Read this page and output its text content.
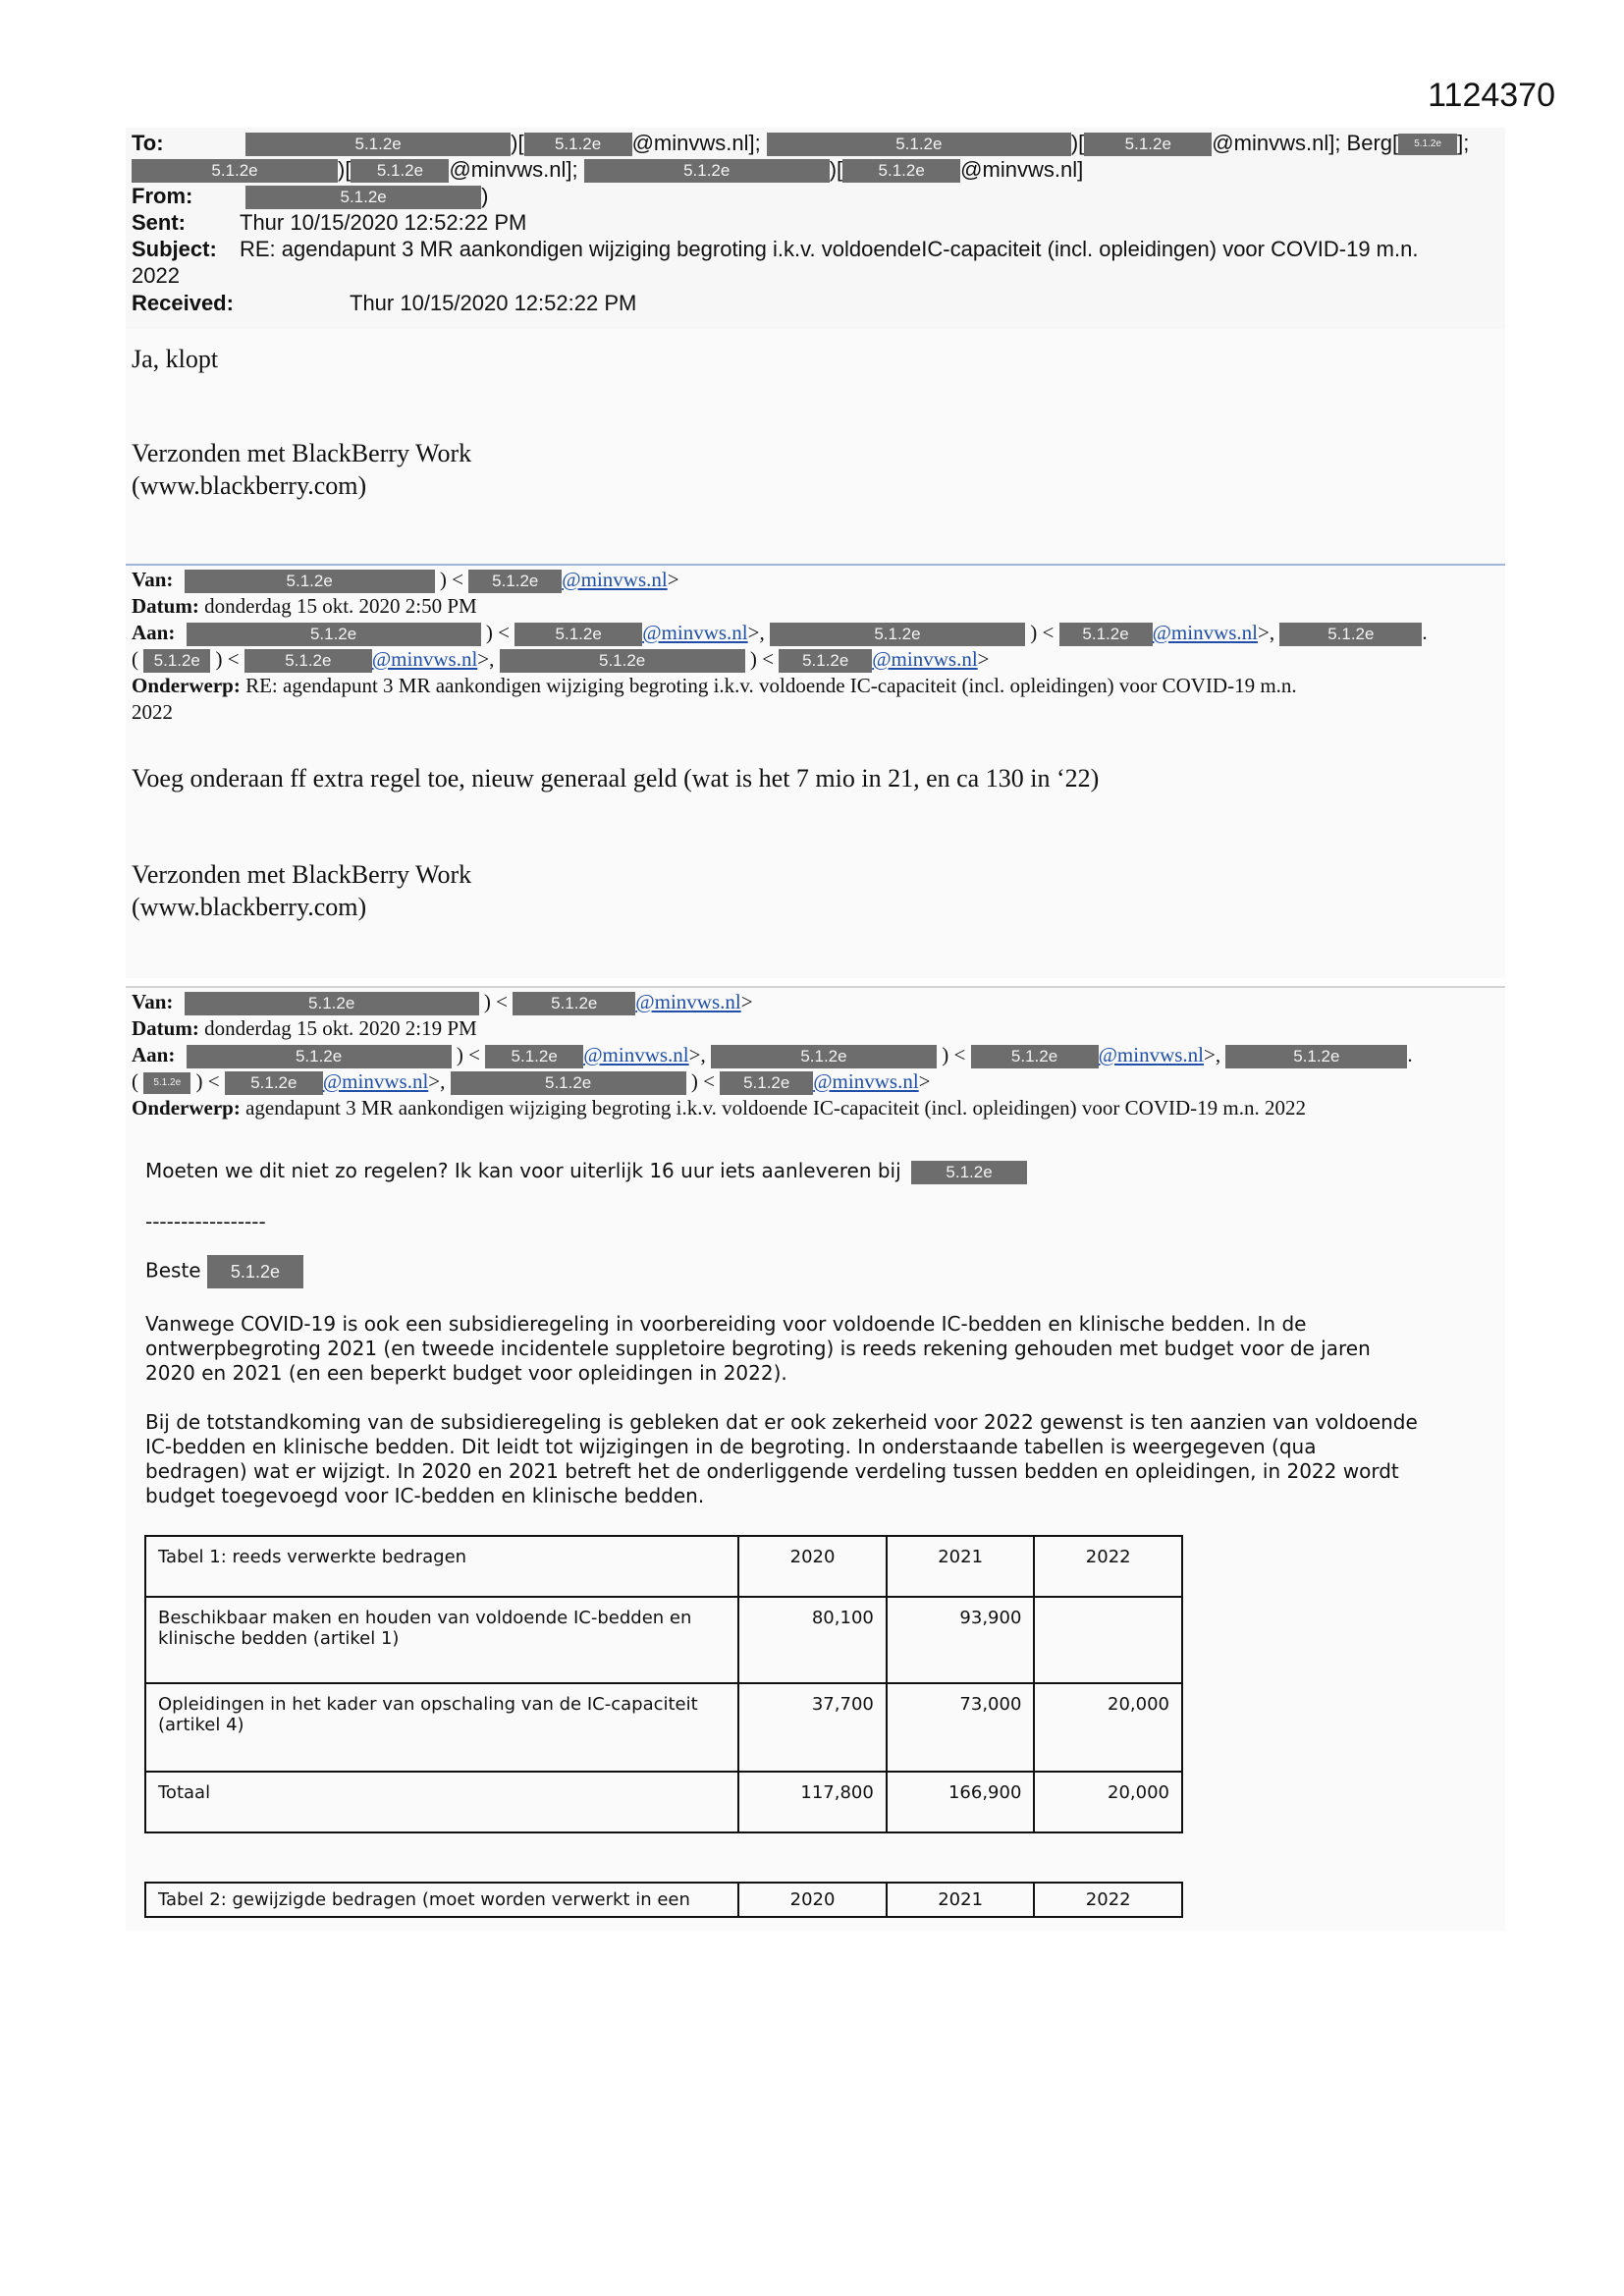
1124370
To:	5.1.2e	)[ 5.1.2e @minvws.nl];	5.1.2e	)[ 5.1.2e @minvws.nl]; Berg[ 5.1.2e ];
5.1.2e	)[ 5.1.2e @minvws.nl];	5.1.2e	)[ 5.1.2e @minvws.nl]
From:	5.1.2e	)
Sent:	Thur 10/15/2020 12:52:22 PM
Subject: RE: agendapunt 3 MR aankondigen wijziging begroting i.k.v. voldoendeIC-capaciteit (incl. opleidingen) voor COVID-19 m.n.
2022
Received:	Thur 10/15/2020 12:52:22 PM
Ja, klopt
Verzonden met BlackBerry Work
(www.blackberry.com)
Van:	5.1.2e	) < 5.1.2e @minvws.nl>
Datum: donderdag 15 okt. 2020 2:50 PM
Aan:	5.1.2e	) < 5.1.2e @minvws.nl>,	5.1.2e	) < 5.1.2e @minvws.nl>,	5.1.2e .
( 5.1.2e ) < 5.1.2e @minvws.nl>,	5.1.2e	) < 5.1.2e @minvws.nl>
Onderwerp: RE: agendapunt 3 MR aankondigen wijziging begroting i.k.v. voldoende IC-capaciteit (incl. opleidingen) voor COVID-19 m.n.
2022
Voeg onderaan ff extra regel toe, nieuw generaal geld (wat is het 7 mio in 21, en ca 130 in ‘22)
Verzonden met BlackBerry Work
(www.blackberry.com)
Van:	5.1.2e	) < 5.1.2e @minvws.nl>
Datum: donderdag 15 okt. 2020 2:19 PM
Aan:	5.1.2e	) < 5.1.2e @minvws.nl>,	5.1.2e	) < 5.1.2e @minvws.nl>,	5.1.2e	.
( 5.1.2e ) < 5.1.2e @minvws.nl>,	5.1.2e	) < 5.1.2e @minvws.nl>
Onderwerp: agendapunt 3 MR aankondigen wijziging begroting i.k.v. voldoende IC-capaciteit (incl. opleidingen) voor COVID-19 m.n. 2022
Moeten we dit niet zo regelen? Ik kan voor uiterlijk 16 uur iets aanleveren bij	5.1.2e
-----------------
Beste 5.1.2e
Vanwege COVID-19 is ook een subsidieregeling in voorbereiding voor voldoende IC-bedden en klinische bedden. In de
ontwerpbegroting 2021 (en tweede incidentele suppletoire begroting) is reeds rekening gehouden met budget voor de jaren
2020 en 2021 (en een beperkt budget voor opleidingen in 2022).
Bij de totstandkoming van de subsidieregeling is gebleken dat er ook zekerheid voor 2022 gewenst is ten aanzien van voldoende
IC-bedden en klinische bedden. Dit leidt tot wijzigingen in de begroting. In onderstaande tabellen is weergegeven (qua
bedragen) wat er wijzigt. In 2020 en 2021 betreft het de onderliggende verdeling tussen bedden en opleidingen, in 2022 wordt
budget toegevoegd voor IC-bedden en klinische bedden.
Tabel 1: reeds verwerkte bedragen	2020	2021	2022
Beschikbaar maken en houden van voldoende IC-bedden en
klinische bedden (artikel 1)	80,100	93,900	
Opleidingen in het kader van opschaling van de IC-capaciteit
(artikel 4)	37,700	73,000	20,000
Totaal	117,800	166,900	20,000
Tabel 2: gewijzigde bedragen (moet worden verwerkt in een	2020	2021	2022
